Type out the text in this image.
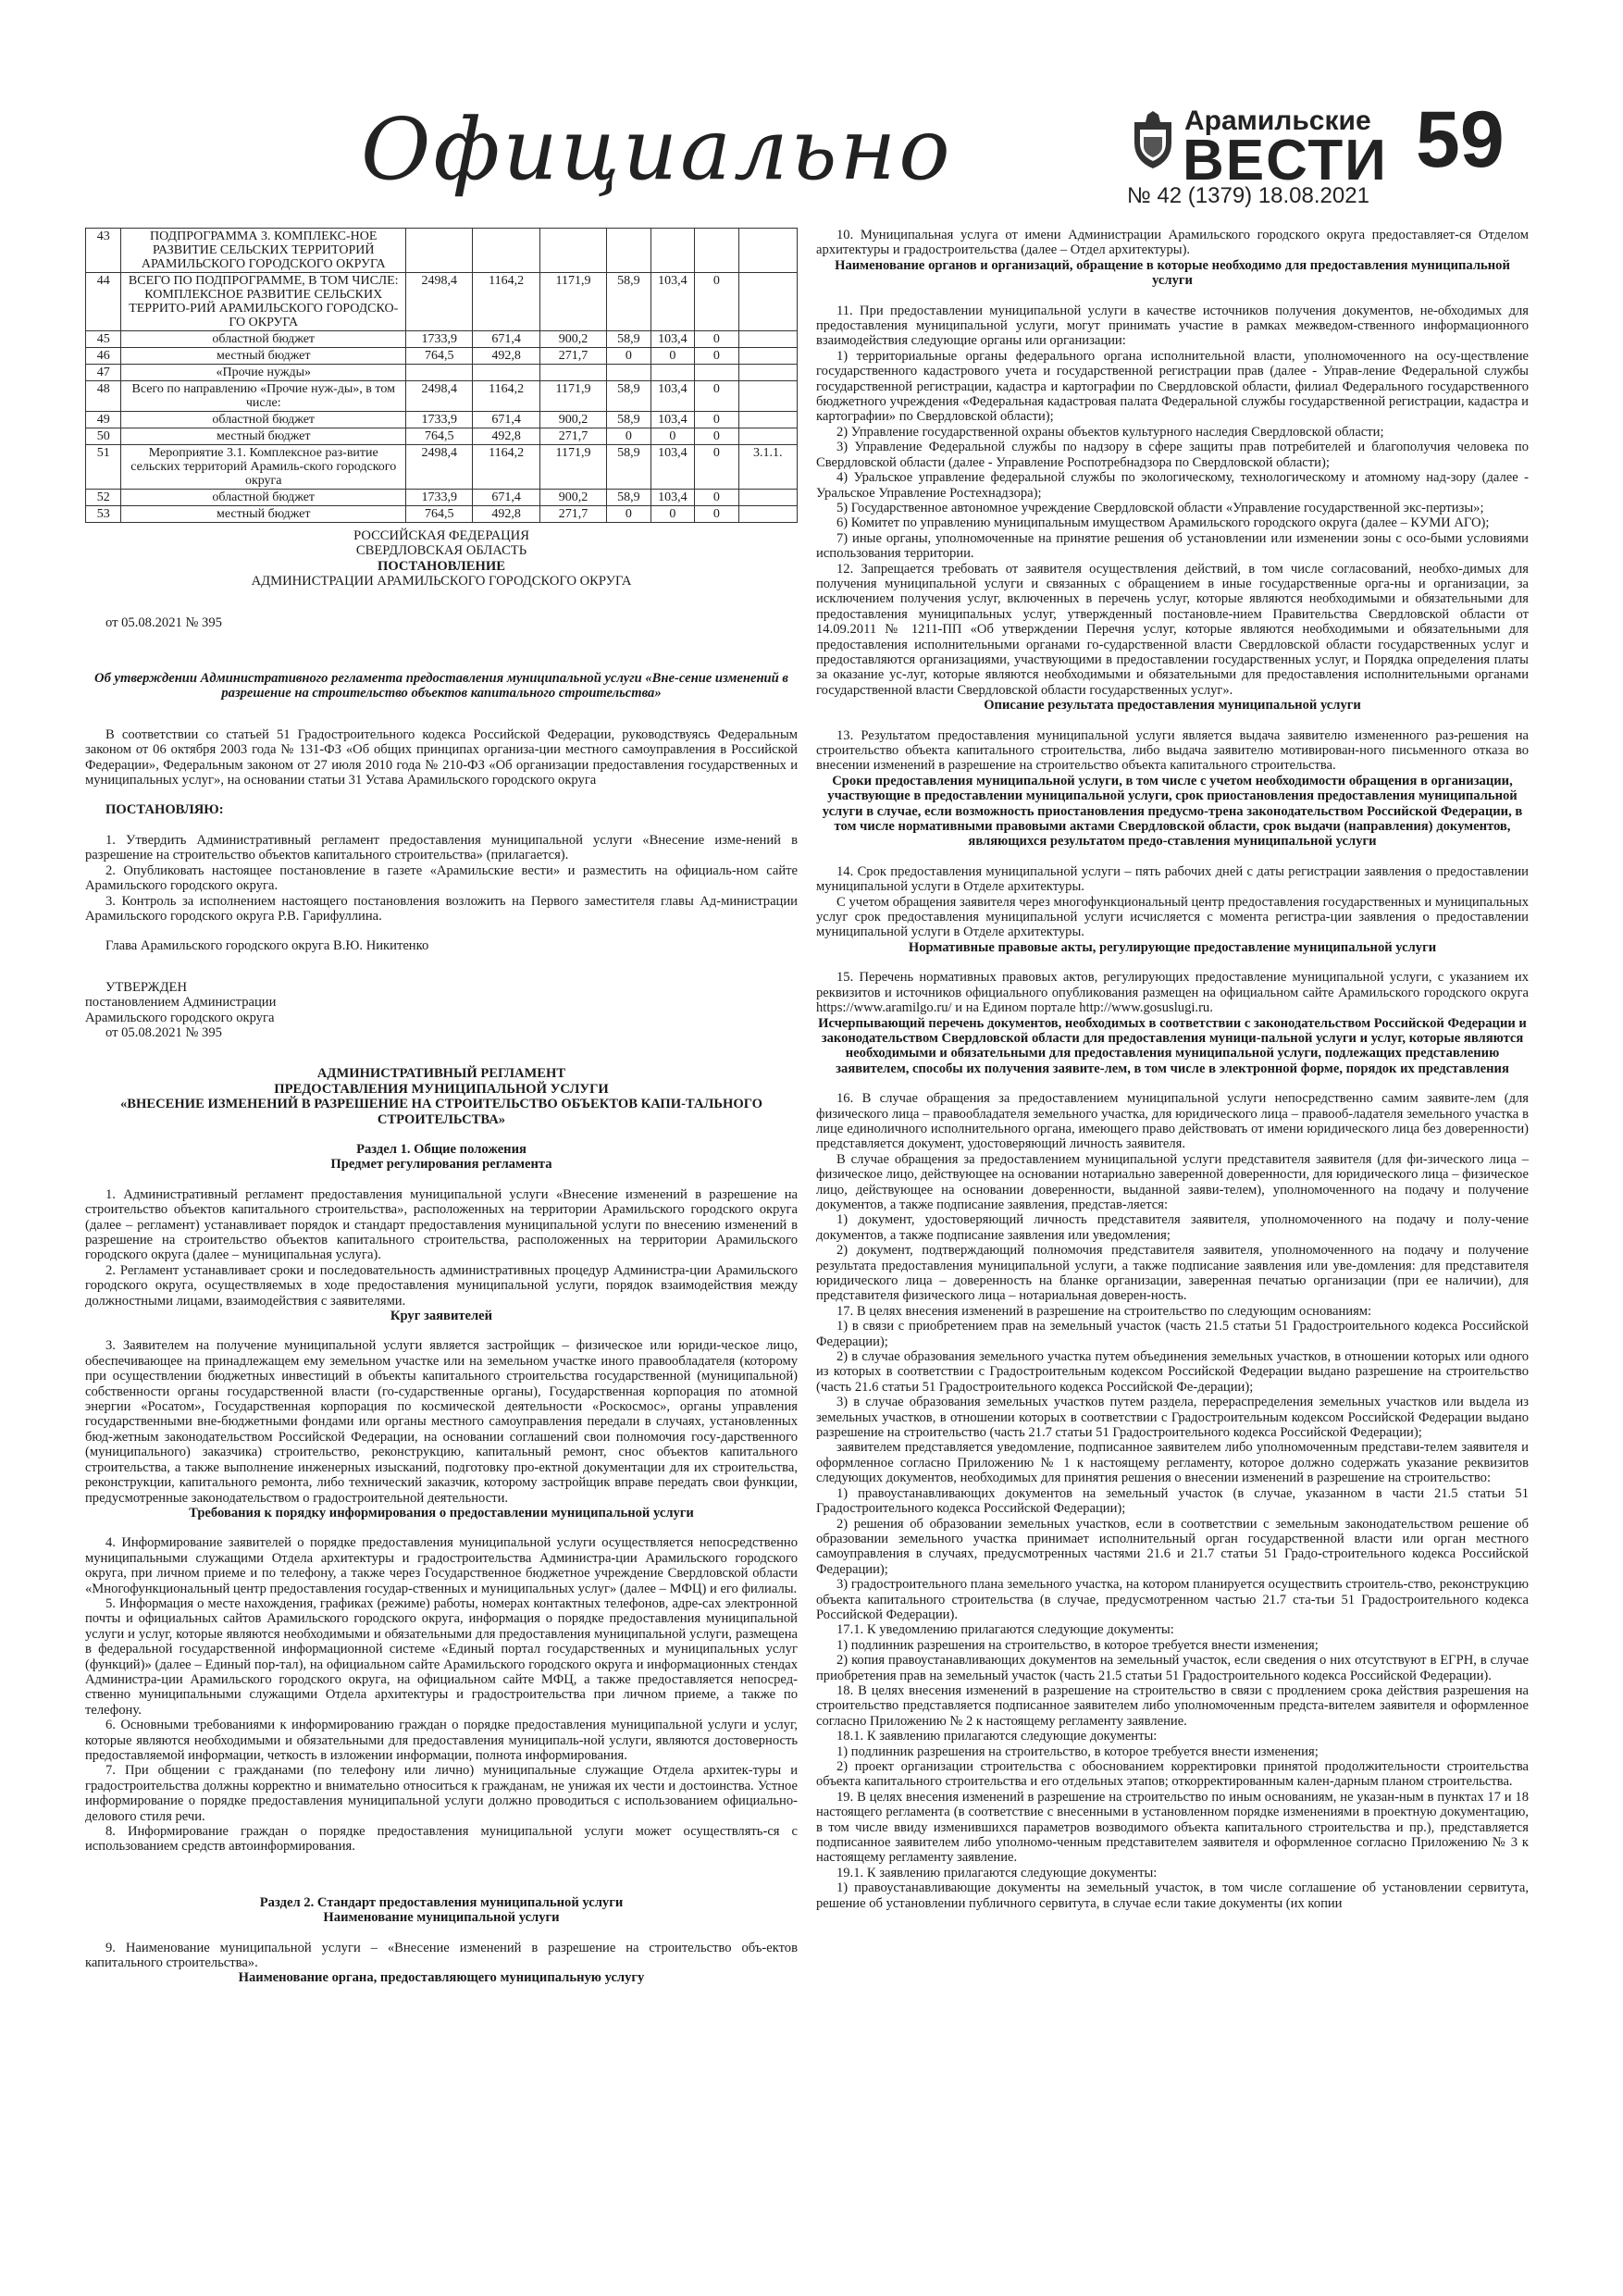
Официально	Арамильские
ВЕСТИ 59
№ 42 (1379) 18.08.2021
43	ПОДПРОГРАММА 3. КОМПЛЕКС-НОЕ РАЗВИТИЕ СЕЛЬСКИХ ТЕРРИТОРИЙ АРАМИЛЬСКОГО ГОРОДСКОГО ОКРУГА							
44	ВСЕГО ПО ПОДПРОГРАММЕ, В ТОМ ЧИСЛЕ: КОМПЛЕКСНОЕ РАЗВИТИЕ СЕЛЬСКИХ ТЕРРИТО-РИЙ АРАМИЛЬСКОГО ГОРОДСКО-ГО ОКРУГА	2498,4	1164,2	1171,9	58,9	103,4	0	
45	областной бюджет	1733,9	671,4	900,2	58,9	103,4	0	
46	местный бюджет	764,5	492,8	271,7	0	0	0	
47	«Прочие нужды»							
48	Всего по направлению «Прочие нуж-ды», в том числе:	2498,4	1164,2	1171,9	58,9	103,4	0	
49	областной бюджет	1733,9	671,4	900,2	58,9	103,4	0	
50	местный бюджет	764,5	492,8	271,7	0	0	0	
51	Мероприятие 3.1. Комплексное раз-витие сельских территорий Арамиль-ского городского округа	2498,4	1164,2	1171,9	58,9	103,4	0	3.1.1.
52	областной бюджет	1733,9	671,4	900,2	58,9	103,4	0	
53	местный бюджет	764,5	492,8	271,7	0	0	0	

РОССИЙСКАЯ ФЕДЕРАЦИЯ

СВЕРДЛОВСКАЯ ОБЛАСТЬ

ПОСТАНОВЛЕНИЕ

АДМИНИСТРАЦИИ АРАМИЛЬСКОГО ГОРОДСКОГО ОКРУГА

от 05.08.2021 № 395

Об утверждении Административного регламента предоставления муниципальной услуги «Вне-сение изменений в разрешение на строительство объектов капитального строительства»

В соответствии со статьей 51 Градостроительного кодекса Российской Федерации, руководствуясь Федеральным законом от 06 октября 2003 года № 131-ФЗ «Об общих принципах организа-ции местного самоуправления в Российской Федерации», Федеральным законом от 27 июля 2010 года № 210-ФЗ «Об организации предоставления государственных и муниципальных услуг», на основании статьи 31 Устава Арамильского городского округа

ПОСТАНОВЛЯЮ:

1. Утвердить Административный регламент предоставления муниципальной услуги «Внесение изме-нений в разрешение на строительство объектов капитального строительства» (прилагается).

2. Опубликовать настоящее постановление в газете «Арамильские вести» и разместить на официаль-ном сайте Арамильского городского округа.

3. Контроль за исполнением настоящего постановления возложить на Первого заместителя главы Ад-министрации Арамильского городского округа Р.В. Гарифуллина.

Глава Арамильского городского округа В.Ю. Никитенко

УТВЕРЖДЕН

постановлением Администрации

Арамильского городского округа

от 05.08.2021 № 395

АДМИНИСТРАТИВНЫЙ РЕГЛАМЕНТ

ПРЕДОСТАВЛЕНИЯ МУНИЦИПАЛЬНОЙ УСЛУГИ

«ВНЕСЕНИЕ ИЗМЕНЕНИЙ В РАЗРЕШЕНИЕ НА СТРОИТЕЛЬСТВО ОБЪЕКТОВ КАПИ-ТАЛЬНОГО СТРОИТЕЛЬСТВА»

Раздел 1. Общие положения

Предмет регулирования регламента

1. Административный регламент предоставления муниципальной услуги «Внесение изменений в разрешение на строительство объектов капитального строительства», расположенных на территории Арамильского городского округа (далее – регламент) устанавливает порядок и стандарт предоставления муниципальной услуги по внесению изменений в разрешение на строительство объектов капитального строительства, расположенных на территории Арамильского городского округа (далее – муниципальная услуга).

2. Регламент устанавливает сроки и последовательность административных процедур Администра-ции Арамильского городского округа, осуществляемых в ходе предоставления муниципальной услуги, порядок взаимодействия между должностными лицами, взаимодействия с заявителями.

Круг заявителей

3. Заявителем на получение муниципальной услуги является застройщик – физическое или юриди-ческое лицо, обеспечивающее на принадлежащем ему земельном участке или на земельном участке иного правообладателя (которому при осуществлении бюджетных инвестиций в объекты капитального строительства государственной (муниципальной) собственности органы государственной власти (го-сударственные органы), Государственная корпорация по атомной энергии «Росатом», Государственная корпорация по космической деятельности «Роскосмос», органы управления государственными вне-бюджетными фондами или органы местного самоуправления передали в случаях, установленных бюд-жетным законодательством Российской Федерации, на основании соглашений свои полномочия госу-дарственного (муниципального) заказчика) строительство, реконструкцию, капитальный ремонт, снос объектов капитального строительства, а также выполнение инженерных изысканий, подготовку про-ектной документации для их строительства, реконструкции, капитального ремонта, либо технический заказчик, которому застройщик вправе передать свои функции, предусмотренные законодательством о градостроительной деятельности.

Требования к порядку информирования о предоставлении муниципальной услуги

4. Информирование заявителей о порядке предоставления муниципальной услуги осуществляется непосредственно муниципальными служащими Отдела архитектуры и градостроительства Администра-ции Арамильского городского округа, при личном приеме и по телефону, а также через Государственное бюджетное учреждение Свердловской области «Многофункциональный центр предоставления государ-ственных и муниципальных услуг» (далее – МФЦ) и его филиалы.

5. Информация о месте нахождения, графиках (режиме) работы, номерах контактных телефонов, адре-сах электронной почты и официальных сайтов Арамильского городского округа, информация о порядке предоставления муниципальной услуги и услуг, которые являются необходимыми и обязательными для предоставления муниципальной услуги, размещена в федеральной государственной информационной системе «Единый портал государственных и муниципальных услуг (функций)» (далее – Единый пор-тал), на официальном сайте Арамильского городского округа и информационных стендах Администра-ции Арамильского городского округа, на официальном сайте МФЦ, а также предоставляется непосред-ственно муниципальными служащими Отдела архитектуры и градостроительства при личном приеме, а также по телефону.

6. Основными требованиями к информированию граждан о порядке предоставления муниципальной услуги и услуг, которые являются необходимыми и обязательными для предоставления муниципаль-ной услуги, являются достоверность предоставляемой информации, четкость в изложении информации, полнота информирования.

7. При общении с гражданами (по телефону или лично) муниципальные служащие Отдела архитек-туры и градостроительства должны корректно и внимательно относиться к гражданам, не унижая их чести и достоинства. Устное информирование о порядке предоставления муниципальной услуги должно проводиться с использованием официально-делового стиля речи.

8. Информирование граждан о порядке предоставления муниципальной услуги может осуществлять-ся с использованием средств автоинформирования.

Раздел 2. Стандарт предоставления муниципальной услуги

Наименование муниципальной услуги

9. Наименование муниципальной услуги – «Внесение изменений в разрешение на строительство объ-ектов капитального строительства».

Наименование органа, предоставляющего муниципальную услугу

10. Муниципальная услуга от имени Администрации Арамильского городского округа предоставляет-ся Отделом архитектуры и градостроительства (далее – Отдел архитектуры).

Наименование органов и организаций, обращение в которые необходимо для предоставления муниципальной услуги

11. При предоставлении муниципальной услуги в качестве источников получения документов, не-обходимых для предоставления муниципальной услуги, могут принимать участие в рамках межведом-ственного информационного взаимодействия следующие органы или организации:

1) территориальные органы федерального органа исполнительной власти, уполномоченного на осу-ществление государственного кадастрового учета и государственной регистрации прав (далее - Управ-ление Федеральной службы государственной регистрации, кадастра и картографии по Свердловской области, филиал Федерального государственного бюджетного учреждения «Федеральная кадастровая палата Федеральной службы государственной регистрации, кадастра и картографии» по Свердловской области);

2) Управление государственной охраны объектов культурного наследия Свердловской области;

3) Управление Федеральной службы по надзору в сфере защиты прав потребителей и благополучия человека по Свердловской области (далее - Управление Роспотребнадзора по Свердловской области);

4) Уральское управление федеральной службы по экологическому, технологическому и атомному над-зору (далее - Уральское Управление Ростехнадзора);

5) Государственное автономное учреждение Свердловской области «Управление государственной экс-пертизы»;

6) Комитет по управлению муниципальным имуществом Арамильского городского округа (далее – КУМИ АГО);

7) иные органы, уполномоченные на принятие решения об установлении или изменении зоны с осо-быми условиями использования территории.

12. Запрещается требовать от заявителя осуществления действий, в том числе согласований, необхо-димых для получения муниципальной услуги и связанных с обращением в иные государственные орга-ны и организации, за исключением получения услуг, включенных в перечень услуг, которые являются необходимыми и обязательными для предоставления муниципальных услуг, утвержденный постановле-нием Правительства Свердловской области от 14.09.2011 № 1211-ПП «Об утверждении Перечня услуг, которые являются необходимыми и обязательными для предоставления исполнительными органами го-сударственной власти Свердловской области государственных услуг и предоставляются организациями, участвующими в предоставлении государственных услуг, и Порядка определения платы за оказание ус-луг, которые являются необходимыми и обязательными для предоставления исполнительными органами государственной власти Свердловской области государственных услуг».

Описание результата предоставления муниципальной услуги

13. Результатом предоставления муниципальной услуги является выдача заявителю измененного раз-решения на строительство объекта капитального строительства, либо выдача заявителю мотивирован-ного письменного отказа во внесении изменений в разрешение на строительство объекта капитального строительства.

Сроки предоставления муниципальной услуги, в том числе с учетом необходимости обращения в организации, участвующие в предоставлении муниципальной услуги, срок приостановления предоставления муниципальной услуги в случае, если возможность приостановления предусмо-трена законодательством Российской Федерации, в том числе нормативными правовыми актами Свердловской области, срок выдачи (направления) документов, являющихся результатом предо-ставления муниципальной услуги

14. Срок предоставления муниципальной услуги – пять рабочих дней с даты регистрации заявления о предоставлении муниципальной услуги в Отделе архитектуры.

С учетом обращения заявителя через многофункциональный центр предоставления государственных и муниципальных услуг срок предоставления муниципальной услуги исчисляется с момента регистра-ции заявления о предоставлении муниципальной услуги в Отделе архитектуры.

Нормативные правовые акты, регулирующие предоставление муниципальной услуги

15. Перечень нормативных правовых актов, регулирующих предоставление муниципальной услуги, с указанием их реквизитов и источников официального опубликования размещен на официальном сайте Арамильского городского округа https://www.aramilgo.ru/ и на Едином портале http://www.gosuslugi.ru.

Исчерпывающий перечень документов, необходимых в соответствии с законодательством Российской Федерации и законодательством Свердловской области для предоставления муници-пальной услуги и услуг, которые являются необходимыми и обязательными для предоставления муниципальной услуги, подлежащих представлению заявителем, способы их получения заявите-лем, в том числе в электронной форме, порядок их представления

16. В случае обращения за предоставлением муниципальной услуги непосредственно самим заявите-лем (для физического лица – правообладателя земельного участка, для юридического лица – правооб-ладателя земельного участка в лице единоличного исполнительного органа, имеющего право действовать от имени юридического лица без доверенности) представляется документ, удостоверяющий личность заявителя.

В случае обращения за предоставлением муниципальной услуги представителя заявителя (для фи-зического лица – физическое лицо, действующее на основании нотариально заверенной доверенности, для юридического лица – физическое лицо, действующее на основании доверенности, выданной заяви-телем), уполномоченного на подачу и получение документов, а также подписание заявления, предстaв-ляется:

1) документ, удостоверяющий личность представителя заявителя, уполномоченного на подачу и полу-чение документов, а также подписание заявления или уведомления;

2) документ, подтверждающий полномочия представителя заявителя, уполномоченного на подачу и получение результата предоставления муниципальной услуги, а также подписание заявления или уве-домления: для представителя юридического лица – доверенность на бланке организации, заверенная печатью организации (при ее наличии), для представителя физического лица – нотариальная доверен-ность.

17. В целях внесения изменений в разрешение на строительство по следующим основаниям:

1) в связи с приобретением прав на земельный участок (часть 21.5 статьи 51 Градостроительного кодекса Российской Федерации);

2) в случае образования земельного участка путем объединения земельных участков, в отношении которых или одного из которых в соответствии с Градостроительным кодексом Российской Федерации выдано разрешение на строительство (часть 21.6 статьи 51 Градостроительного кодекса Российской Фе-дерации);

3) в случае образования земельных участков путем раздела, перераспределения земельных участков или выдела из земельных участков, в отношении которых в соответствии с Градостроительным кодексом Российской Федерации выдано разрешение на строительство (часть 21.7 статьи 51 Градостроительного кодекса Российской Федерации);

заявителем представляется уведомление, подписанное заявителем либо уполномоченным представи-телем заявителя и оформленное согласно Приложению № 1 к настоящему регламенту, которое должно содержать указание реквизитов следующих документов, необходимых для принятия решения о внесении изменений в разрешение на строительство:

1) правоустанавливающих документов на земельный участок (в случае, указанном в части 21.5 статьи 51 Градостроительного кодекса Российской Федерации);

2) решения об образовании земельных участков, если в соответствии с земельным законодательством решение об образовании земельного участка принимает исполнительный орган государственной власти или орган местного самоуправления в случаях, предусмотренных частями 21.6 и 21.7 статьи 51 Градо-строительного кодекса Российской Федерации);

3) градостроительного плана земельного участка, на котором планируется осуществить строитель-ство, реконструкцию объекта капитального строительства (в случае, предусмотренном частью 21.7 ста-тьи 51 Градостроительного кодекса Российской Федерации).

17.1. К уведомлению прилагаются следующие документы:

1) подлинник разрешения на строительство, в которое требуется внести изменения;

2) копия правоустанавливающих документов на земельный участок, если сведения о них отсутствуют в ЕГРН, в случае приобретения прав на земельный участок (часть 21.5 статьи 51 Градостроительного кодекса Российской Федерации).

18. В целях внесения изменений в разрешение на строительство в связи с продлением срока действия разрешения на строительство представляется подписанное заявителем либо уполномоченным предста-вителем заявителя и оформленное согласно Приложению № 2 к настоящему регламенту заявление.

18.1. К заявлению прилагаются следующие документы:

1) подлинник разрешения на строительство, в которое требуется внести изменения;

2) проект организации строительства с обоснованием корректировки принятой продолжительности строительства объекта капитального строительства и его отдельных этапов; откорректированным кален-дарным планом строительства.

19. В целях внесения изменений в разрешение на строительство по иным основаниям, не указан-ным в пунктах 17 и 18 настоящего регламента (в соответствие с внесенными в установленном порядке изменениями в проектную документацию, в том числе ввиду изменившихся параметров возводимого объекта капитального строительства и пр.), представляется подписанное заявителем либо уполномо-ченным представителем заявителя и оформленное согласно Приложению № 3 к настоящему регламенту заявление.

19.1. К заявлению прилагаются следующие документы:

1) правоустанавливающие документы на земельный участок, в том числе соглашение об установлении сервитута, решение об установлении публичного сервитута, в случае если такие документы (их копии
